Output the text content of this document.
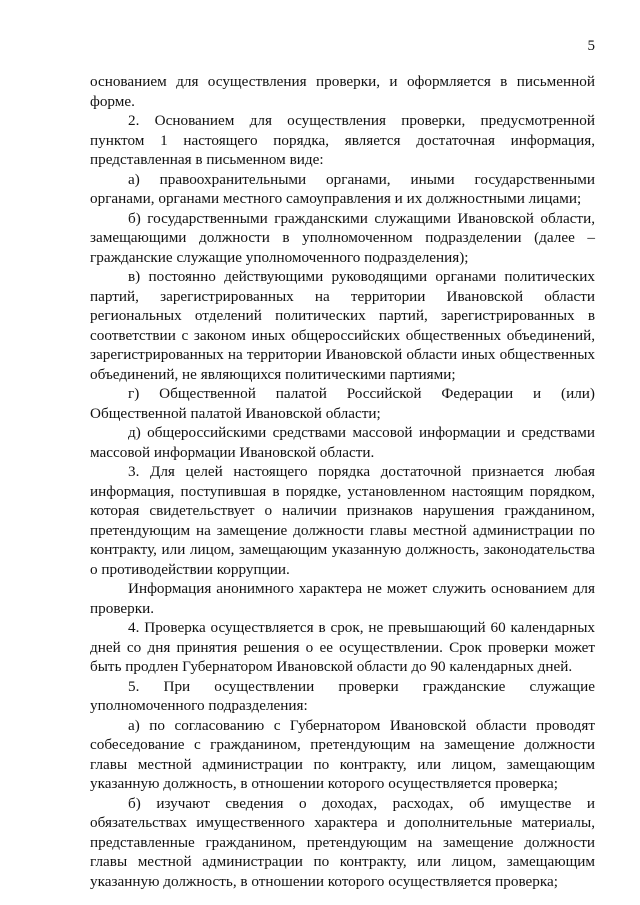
5

основанием для осуществления проверки, и оформляется в письменной форме.

2. Основанием для осуществления проверки, предусмотренной пунктом 1 настоящего порядка, является достаточная информация, представленная в письменном виде:

а) правоохранительными органами, иными государственными органами, органами местного самоуправления и их должностными лицами;

б) государственными гражданскими служащими Ивановской области, замещающими должности в уполномоченном подразделении (далее – гражданские служащие уполномоченного подразделения);

в) постоянно действующими руководящими органами политических партий, зарегистрированных на территории Ивановской области региональных отделений политических партий, зарегистрированных в соответствии с законом иных общероссийских общественных объединений, зарегистрированных на территории Ивановской области иных общественных объединений, не являющихся политическими партиями;

г) Общественной палатой Российской Федерации и (или) Общественной палатой Ивановской области;

д) общероссийскими средствами массовой информации и средствами массовой информации Ивановской области.

3. Для целей настоящего порядка достаточной признается любая информация, поступившая в порядке, установленном настоящим порядком, которая свидетельствует о наличии признаков нарушения гражданином, претендующим на замещение должности главы местной администрации по контракту, или лицом, замещающим указанную должность, законодательства о противодействии коррупции.

Информация анонимного характера не может служить основанием для проверки.

4. Проверка осуществляется в срок, не превышающий 60 календарных дней со дня принятия решения о ее осуществлении. Срок проверки может быть продлен Губернатором Ивановской области до 90 календарных дней.

5. При осуществлении проверки гражданские служащие уполномоченного подразделения:

а) по согласованию с Губернатором Ивановской области проводят собеседование с гражданином, претендующим на замещение должности главы местной администрации по контракту, или лицом, замещающим указанную должность, в отношении которого осуществляется проверка;

б) изучают сведения о доходах, расходах, об имуществе и обязательствах имущественного характера и дополнительные материалы, представленные гражданином, претендующим на замещение должности главы местной администрации по контракту, или лицом, замещающим указанную должность, в отношении которого осуществляется проверка;
